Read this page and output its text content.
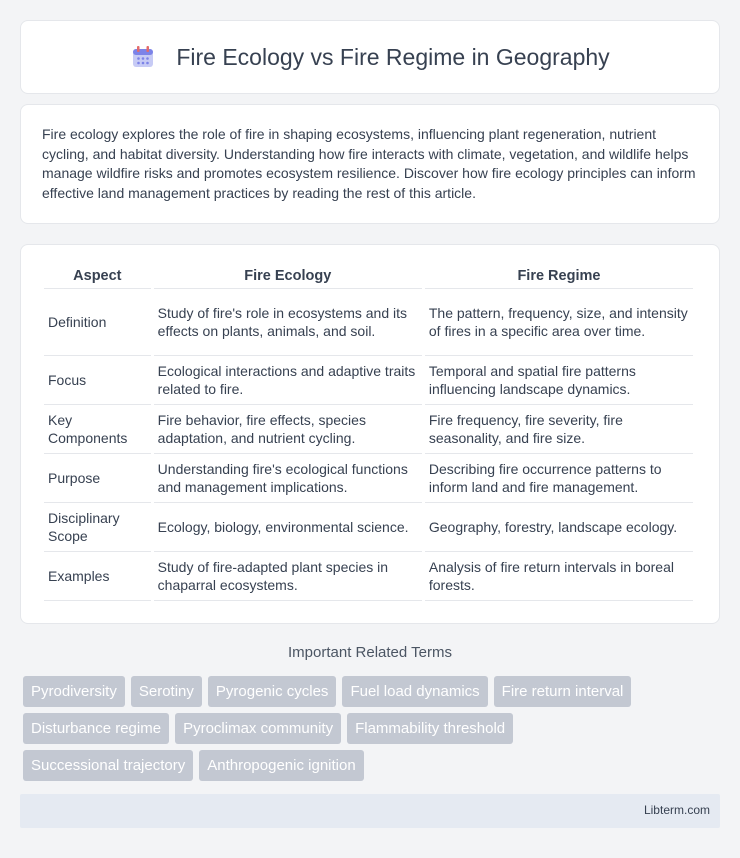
Fire Ecology vs Fire Regime in Geography

Fire ecology explores the role of fire in shaping ecosystems, influencing plant regeneration, nutrient cycling, and habitat diversity. Understanding how fire interacts with climate, vegetation, and wildlife helps manage wildfire risks and promotes ecosystem resilience. Discover how fire ecology principles can inform effective land management practices by reading the rest of this article.

Aspect	Fire Ecology	Fire Regime
Definition	Study of fire's role in ecosystems and its effects on plants, animals, and soil.	The pattern, frequency, size, and intensity of fires in a specific area over time.
Focus	Ecological interactions and adaptive traits related to fire.	Temporal and spatial fire patterns influencing landscape dynamics.
Key Components	Fire behavior, fire effects, species adaptation, and nutrient cycling.	Fire frequency, fire severity, fire seasonality, and fire size.
Purpose	Understanding fire's ecological functions and management implications.	Describing fire occurrence patterns to inform land and fire management.
Disciplinary Scope	Ecology, biology, environmental science.	Geography, forestry, landscape ecology.
Examples	Study of fire-adapted plant species in chaparral ecosystems.	Analysis of fire return intervals in boreal forests.
Important Related Terms
Pyrodiversity	Serotiny	Pyrogenic cycles	Fuel load dynamics	Fire return interval
Disturbance regime	Pyroclimax community	Flammability threshold
Successional trajectory	Anthropogenic ignition
Libterm.com
